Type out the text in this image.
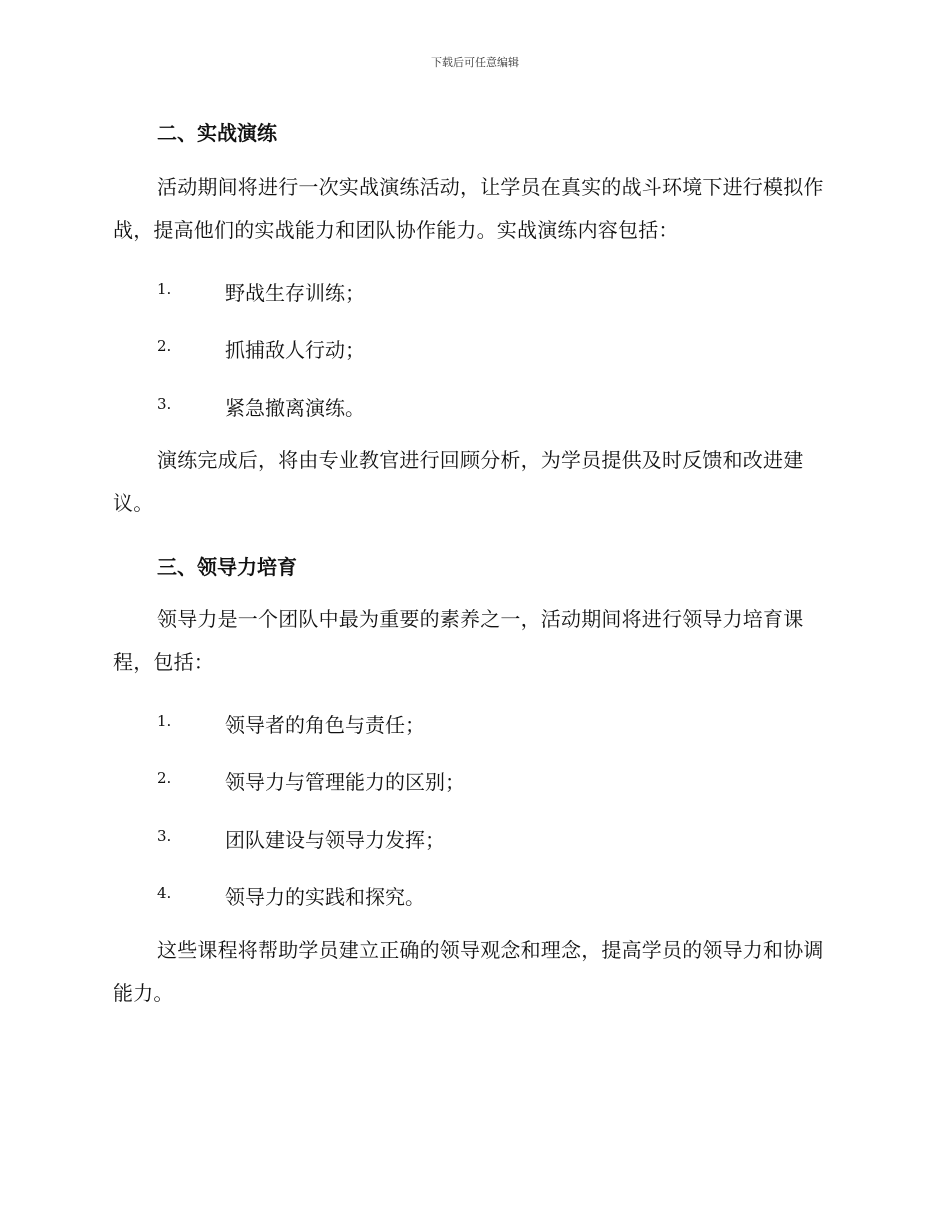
下载后可任意编辑
二、实战演练
活动期间将进行一次实战演练活动，让学员在真实的战斗环境下进行模拟作战，提高他们的实战能力和团队协作能力。实战演练内容包括：
1.	野战生存训练；
2.	抓捕敌人行动；
3.	紧急撤离演练。
演练完成后，将由专业教官进行回顾分析，为学员提供及时反馈和改进建议。
三、领导力培育
领导力是一个团队中最为重要的素养之一，活动期间将进行领导力培育课程，包括：
1.	领导者的角色与责任；
2.	领导力与管理能力的区别；
3.	团队建设与领导力发挥；
4.	领导力的实践和探究。
这些课程将帮助学员建立正确的领导观念和理念，提高学员的领导力和协调能力。
